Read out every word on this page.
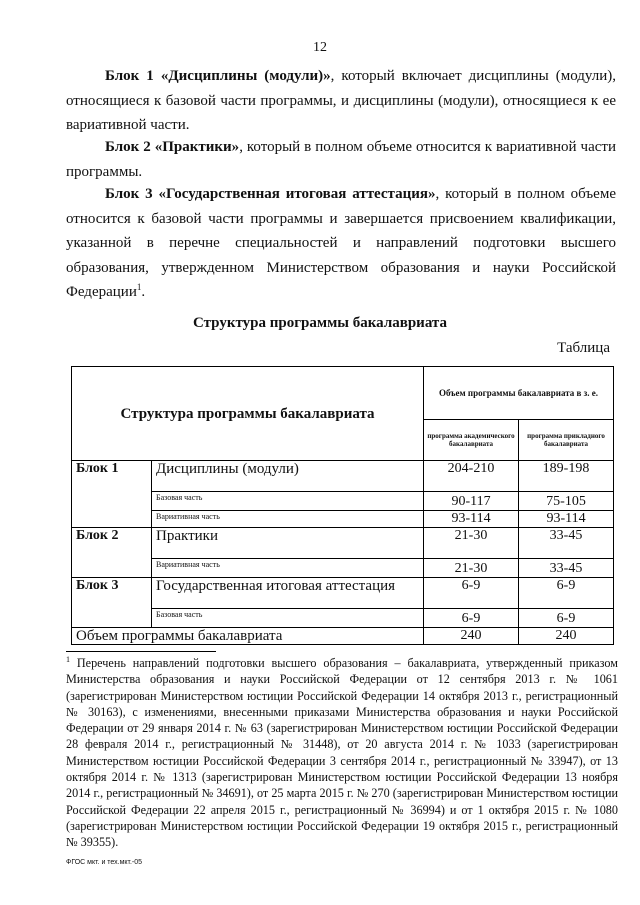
12

Блок 1 «Дисциплины (модули)», который включает дисциплины (модули), относящиеся к базовой части программы, и дисциплины (модули), относящиеся к ее вариативной части.

Блок 2 «Практики», который в полном объеме относится к вариативной части программы.

Блок 3 «Государственная итоговая аттестация», который в полном объеме относится к базовой части программы и завершается присвоением квалификации, указанной в перечне специальностей и направлений подготовки высшего образования, утвержденном Министерством образования и науки Российской Федерации$^1$.

Структура программы бакалавриата
Таблица
Структура программы бакалавриата		Объем программы бакалавриата в з. е.	
		программа академического бакалавриата	программа прикладного бакалавриата
Блок 1	Дисциплины (модули)	204-210	189-198
	Базовая часть	90-117	75-105
	Вариативная часть	93-114	93-114
Блок 2	Практики	21-30	33-45
	Вариативная часть	21-30	33-45
Блок 3	Государственная итоговая аттестация	6-9	6-9
	Базовая часть	6-9	6-9
Объем программы бакалавриата		240	240

$^1$ Перечень направлений подготовки высшего образования – бакалавриата, утвержденный приказом Министерства образования и науки Российской Федерации от 12 сентября 2013 г. № 1061 (зарегистрирован Министерством юстиции Российской Федерации 14 октября 2013 г., регистрационный № 30163), с изменениями, внесенными приказами Министерства образования и науки Российской Федерации от 29 января 2014 г. № 63 (зарегистрирован Министерством юстиции Российской Федерации 28 февраля 2014 г., регистрационный № 31448), от 20 августа 2014 г. № 1033 (зарегистрирован Министерством юстиции Российской Федерации 3 сентября 2014 г., регистрационный № 33947), от 13 октября 2014 г. № 1313 (зарегистрирован Министерством юстиции Российской Федерации 13 ноября 2014 г., регистрационный № 34691), от 25 марта 2015 г. № 270 (зарегистрирован Министерством юстиции Российской Федерации 22 апреля 2015 г., регистрационный № 36994) и от 1 октября 2015 г. № 1080 (зарегистрирован Министерством юстиции Российской Федерации 19 октября 2015 г., регистрационный № 39355).

ФГОС мкт. и тех.мкт.-05
